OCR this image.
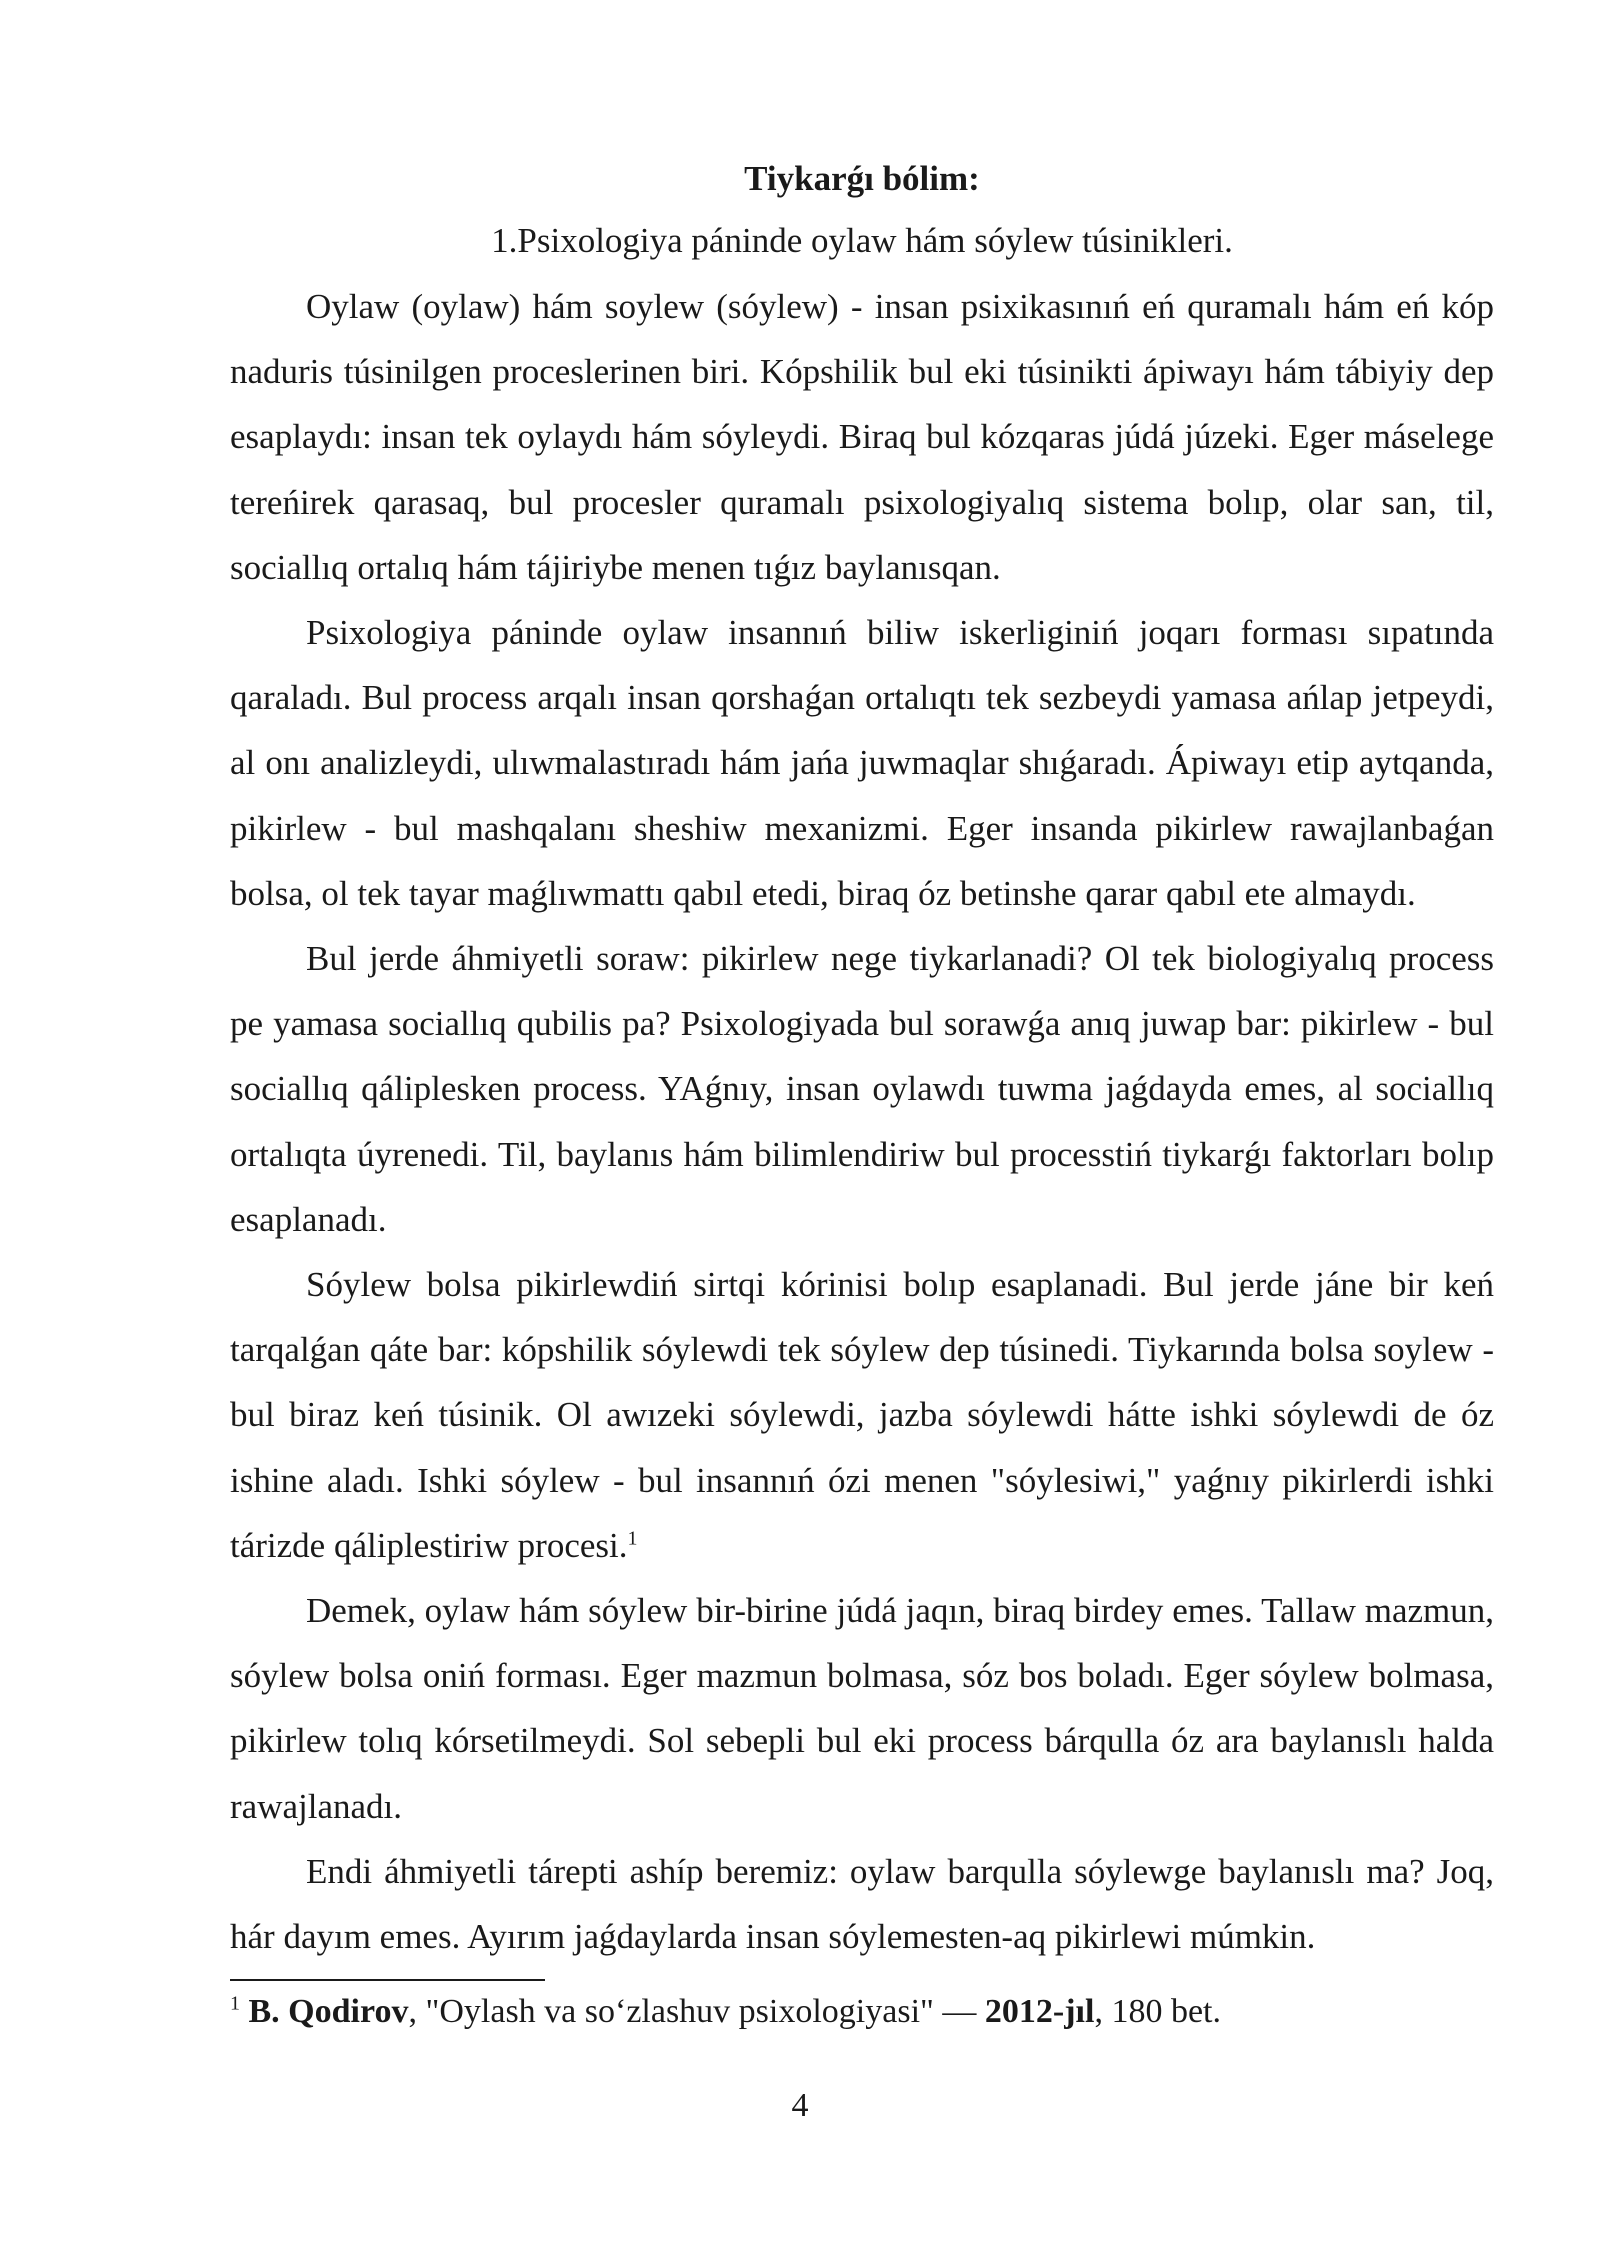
Tiykarǵı bólim:

1.Psixologiya páninde oylaw hám sóylew túsinikleri.

Oylaw (oylaw) hám soylew (sóylew) - insan psixikasınıń eń quramalı hám eń kóp naduris túsinilgen proceslerinen biri. Kópshilik bul eki túsinikti ápiwayı hám tábiyiy dep esaplaydı: insan tek oylaydı hám sóyleydi. Biraq bul kózqaras júdá júzeki. Eger máselege tereńirek qarasaq, bul procesler quramalı psixologiyalıq sistema bolıp, olar san, til, sociallıq ortalıq hám tájiriybe menen tıǵız baylanısqan.

Psixologiya páninde oylaw insannıń biliw iskerliginiń joqarı forması sıpatında qaraladı. Bul process arqalı insan qorshaǵan ortalıqtı tek sezbeydi yamasa ańlap jetpeydi, al onı analizleydi, ulıwmalastıradı hám jańa juwmaqlar shıǵaradı. Ápiwayı etip aytqanda, pikirlew - bul mashqalanı sheshiw mexanizmi. Eger insanda pikirlew rawajlanbaǵan bolsa, ol tek tayar maǵlıwmattı qabıl etedi, biraq óz betinshe qarar qabıl ete almaydı.

Bul jerde áhmiyetli soraw: pikirlew nege tiykarlanadi? Ol tek biologiyalıq process pe yamasa sociallıq qubilis pa? Psixologiyada bul sorawǵa anıq juwap bar: pikirlew - bul sociallıq qáliplesken process. YAǵnıy, insan oylawdı tuwma jaǵdayda emes, al sociallıq ortalıqta úyrenedi. Til, baylanıs hám bilimlendiriw bul processtiń tiykarǵı faktorları bolıp esaplanadı.

Sóylew bolsa pikirlewdiń sirtqi kórinisi bolıp esaplanadi. Bul jerde jáne bir keń tarqalǵan qáte bar: kópshilik sóylewdi tek sóylew dep túsinedi. Tiykarında bolsa soylew - bul biraz keń túsinik. Ol awızeki sóylewdi, jazba sóylewdi hátte ishki sóylewdi de óz ishine aladı. Ishki sóylew - bul insannıń ózi menen "sóylesiwi," yaǵnıy pikirlerdi ishki tárizde qáliplestiriw procesi.$^1$

Demek, oylaw hám sóylew bir-birine júdá jaqın, biraq birdey emes. Tallaw mazmun, sóylew bolsa oniń forması. Eger mazmun bolmasa, sóz bos boladı. Eger sóylew bolmasa, pikirlew tolıq kórsetilmeydi. Sol sebepli bul eki process bárqulla óz ara baylanıslı halda rawajlanadı.

Endi áhmiyetli tárepti ashíp beremiz: oylaw barqulla sóylewge baylanıslı ma? Joq, hár dayım emes. Ayırım jaǵdaylarda insan sóylemesten-aq pikirlewi múmkin.

$^1$ B. Qodirov, "Oylash va so‘zlashuv psixologiyasi" — 2012-jıl, 180 bet.

4
